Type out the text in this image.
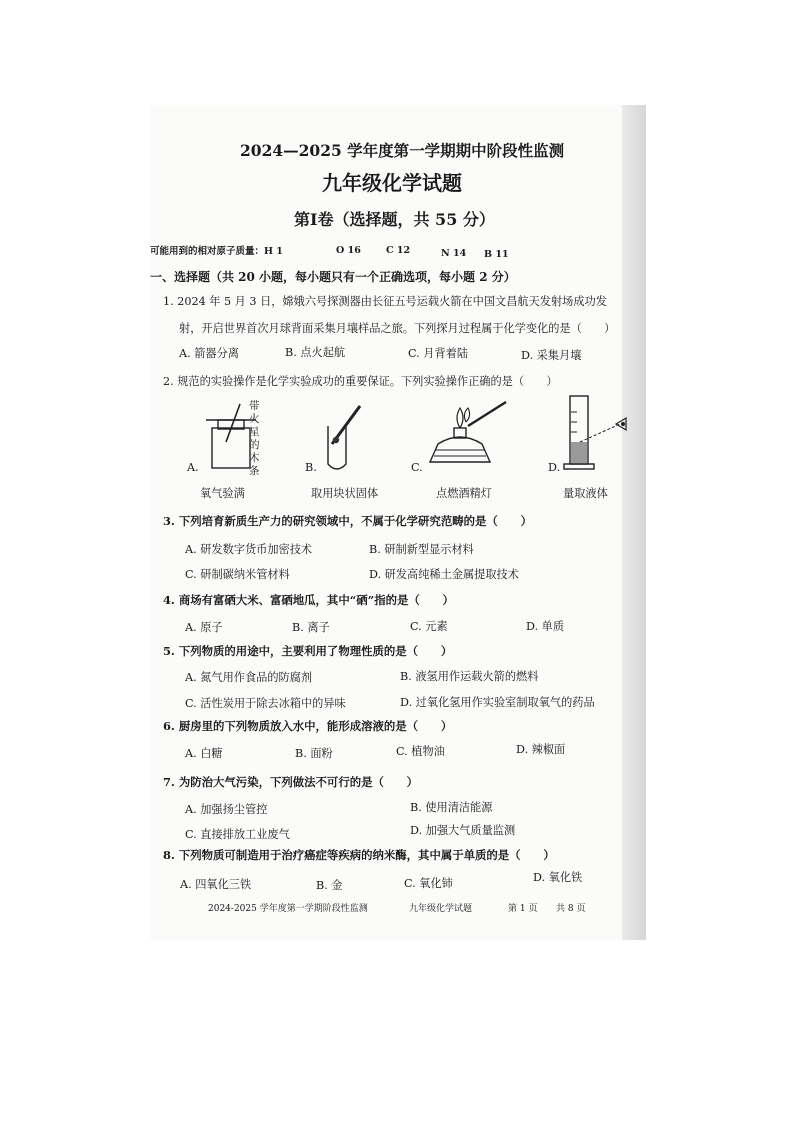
2024—2025 学年度第一学期期中阶段性监测
九年级化学试题
第Ⅰ卷（选择题，共 55 分）
可能用到的相对原子质量：H 1	O 16	C 12	N 14 B 11
一、选择题（共 20 小题，每小题只有一个正确选项，每小题 2 分）
1. 2024 年 5 月 3 日，嫦娥六号探测器由长征五号运载火箭在中国文昌航天发射场成功发
射，开启世界首次月球背面采集月壤样品之旅。下列探月过程属于化学变化的是（　　）
A. 箭器分离	B. 点火起航	C. 月背着陆	D. 采集月壤
2. 规范的实验操作是化学实验成功的重要保证。下列实验操作正确的是（　　）
带火星的木条
A.	B.	C.	D.
氧气验满	取用块状固体	点燃酒精灯	量取液体
3. 下列培育新质生产力的研究领域中，不属于化学研究范畴的是（　　）
A. 研发数字货币加密技术	B. 研制新型显示材料
C. 研制碳纳米管材料	D. 研发高纯稀土金属提取技术
4. 商场有富硒大米、富硒地瓜，其中“硒”指的是（　　）
A. 原子	B. 离子	C. 元素	D. 单质
5. 下列物质的用途中，主要利用了物理性质的是（　　）
A. 氮气用作食品的防腐剂	B. 液氢用作运载火箭的燃料
C. 活性炭用于除去冰箱中的异味	D. 过氧化氢用作实验室制取氧气的药品
6. 厨房里的下列物质放入水中，能形成溶液的是（　　）
A. 白糖	B. 面粉	C. 植物油	D. 辣椒面
7. 为防治大气污染，下列做法不可行的是（　　）
A. 加强扬尘管控	B. 使用清洁能源
C. 直接排放工业废气	D. 加强大气质量监测
8. 下列物质可制造用于治疗癌症等疾病的纳米酶，其中属于单质的是（　　）
A. 四氧化三铁	B. 金	C. 氧化铈	D. 氧化铁
2024-2025 学年度第一学期阶段性监测	九年级化学试题	第 1 页 共 8 页
